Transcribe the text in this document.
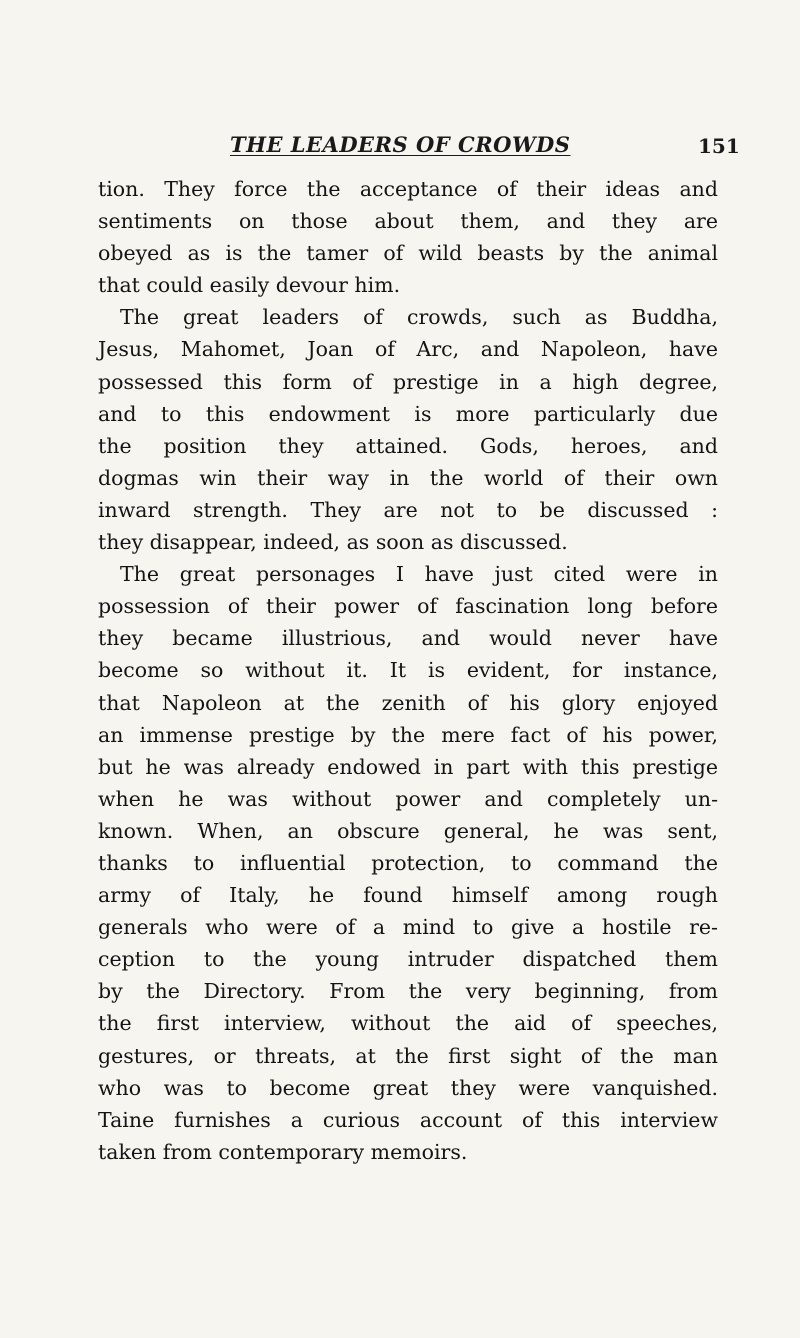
THE LEADERS OF CROWDS	151
tion. They force the acceptance of their ideas and
sentiments on those about them, and they are
obeyed as is the tamer of wild beasts by the animal
that could easily devour him.
The great leaders of crowds, such as Buddha,
Jesus, Mahomet, Joan of Arc, and Napoleon, have
possessed this form of prestige in a high degree,
and to this endowment is more particularly due
the position they attained. Gods, heroes, and
dogmas win their way in the world of their own
inward strength. They are not to be discussed :
they disappear, indeed, as soon as discussed.
The great personages I have just cited were in
possession of their power of fascination long before
they became illustrious, and would never have
become so without it. It is evident, for instance,
that Napoleon at the zenith of his glory enjoyed
an immense prestige by the mere fact of his power,
but he was already endowed in part with this prestige
when he was without power and completely un-
known. When, an obscure general, he was sent,
thanks to influential protection, to command the
army of Italy, he found himself among rough
generals who were of a mind to give a hostile re-
ception to the young intruder dispatched them
by the Directory. From the very beginning, from
the first interview, without the aid of speeches,
gestures, or threats, at the first sight of the man
who was to become great they were vanquished.
Taine furnishes a curious account of this interview
taken from contemporary memoirs.
